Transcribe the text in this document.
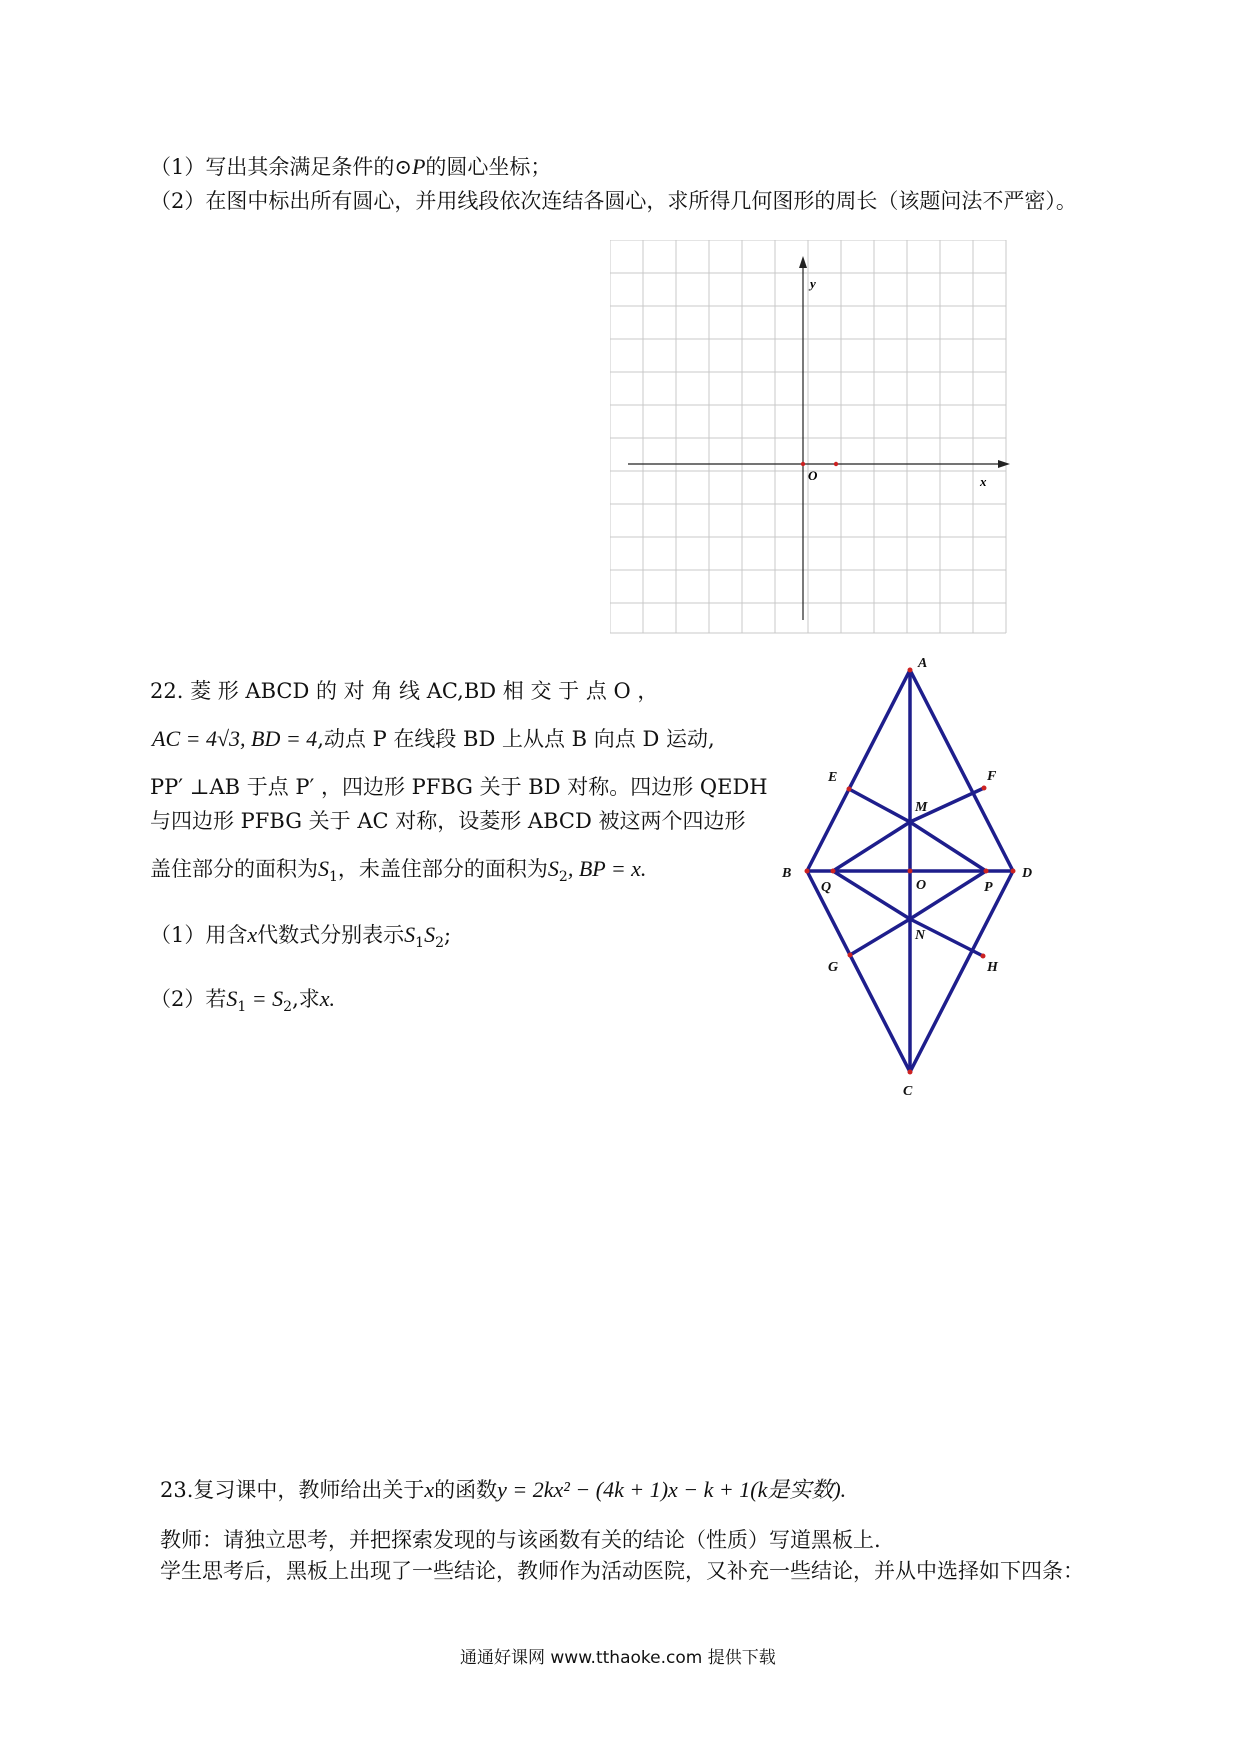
（1）写出其余满足条件的⊙P的圆心坐标；
（2）在图中标出所有圆心，并用线段依次连结各圆心，求所得几何图形的周长（该题问法不严密）。
y
x
O
22. 菱 形 ABCD 的 对 角 线 AC,BD 相 交 于 点 O ，
AC = 4√3, BD = 4,动点 P 在线段 BD 上从点 B 向点 D 运动,
PP′ ⊥AB 于点 P′ ，四边形 PFBG 关于 BD 对称。四边形 QEDH
与四边形 PFBG 关于 AC 对称，设菱形 ABCD 被这两个四边形
盖住部分的面积为$S_1$，未盖住部分的面积为$S_2$, BP = x.
（1）用含x代数式分别表示$S_1S_2$;
（2）若$S_1 = S_2$,求x.
A
B
C
D
E	F
G	H
M
N
O	P
Q
23.复习课中，教师给出关于x的函数y = 2kx² − (4k + 1)x − k + 1(k是实数).
教师：请独立思考，并把探索发现的与该函数有关的结论（性质）写道黑板上.
学生思考后，黑板上出现了一些结论，教师作为活动医院，又补充一些结论，并从中选择如下四条：
通通好课网 www.tthaoke.com 提供下载
